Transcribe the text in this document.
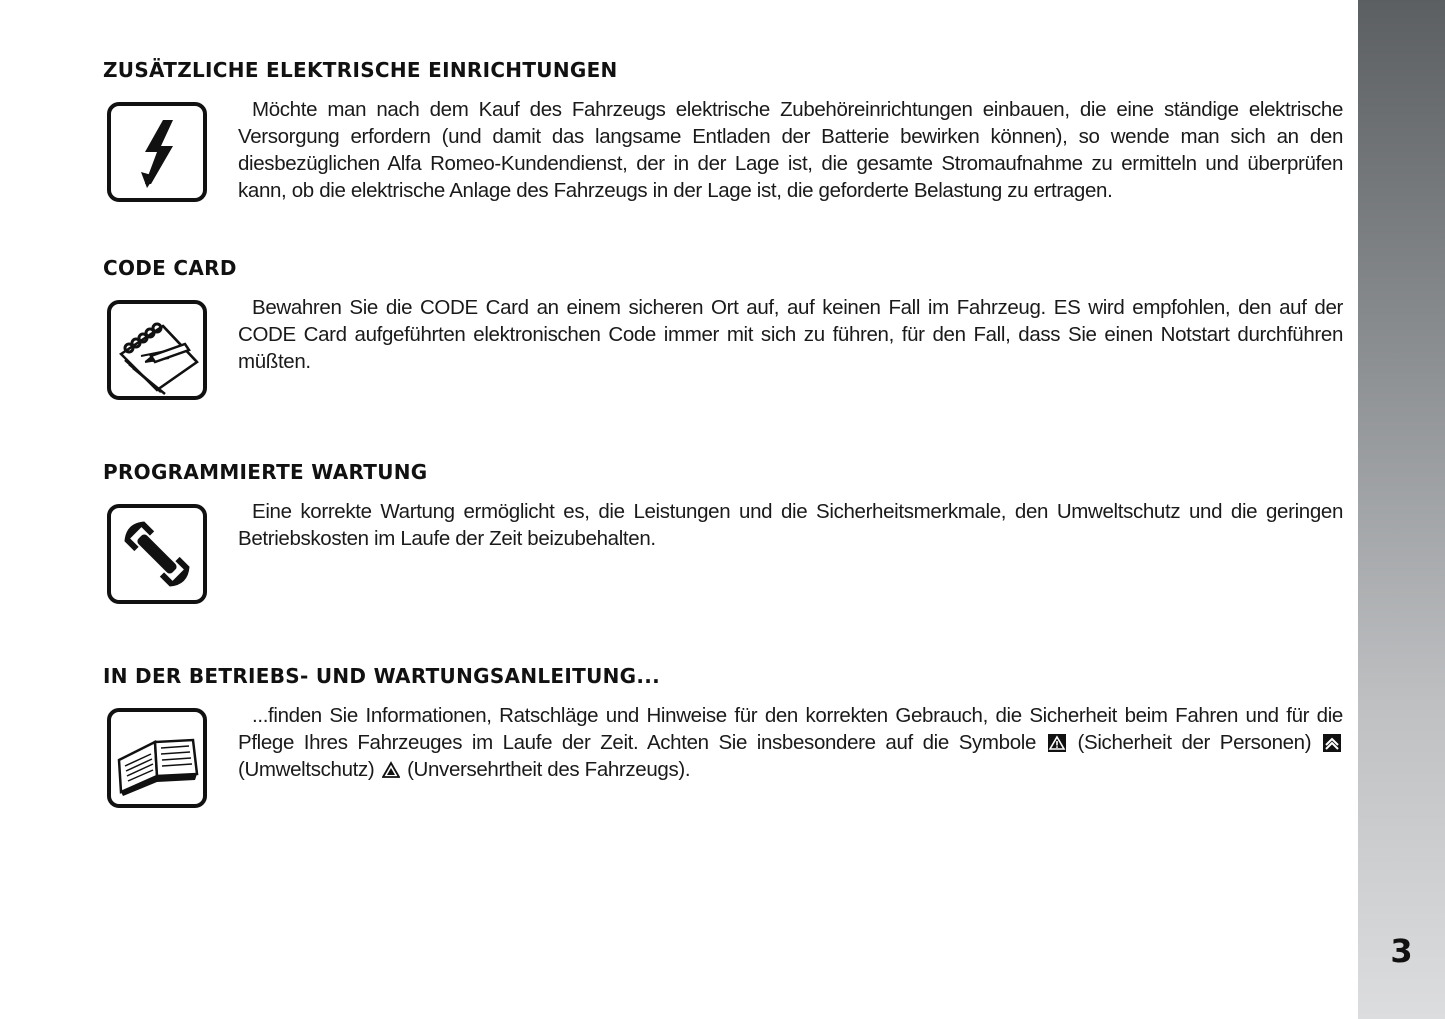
3
ZUSÄTZLICHE ELEKTRISCHE EINRICHTUNGEN

Möchte man nach dem Kauf des Fahrzeugs elektrische Zubehöreinrichtungen einbauen, die eine ständige elektrische Versorgung erfordern (und damit das langsame Entladen der Batterie bewirken können), so wende man sich an den diesbezüglichen Alfa Romeo-Kundendienst, der in der Lage ist, die gesamte Stromaufnahme zu ermitteln und überprüfen kann, ob die elektrische Anlage des Fahrzeugs in der Lage ist, die geforderte Belastung zu ertragen.

CODE CARD

Bewahren Sie die CODE Card an einem sicheren Ort auf, auf keinen Fall im Fahrzeug. ES wird empfohlen, den auf der CODE Card aufgeführten elektronischen Code immer mit sich zu führen, für den Fall, dass Sie einen Notstart durchführen müßten.

PROGRAMMIERTE WARTUNG

Eine korrekte Wartung ermöglicht es, die Leistungen und die Sicherheitsmerkmale, den Umweltschutz und die geringen Betriebskosten im Laufe der Zeit beizubehalten.

IN DER BETRIEBS- UND WARTUNGSANLEITUNG...

...finden Sie Informationen, Ratschläge und Hinweise für den korrekten Gebrauch, die Sicherheit beim Fahren und für die Pflege Ihres Fahrzeuges im Laufe der Zeit. Achten Sie insbesondere auf die Symbole (Sicherheit der Personen)  (Umweltschutz) (Unversehrtheit des Fahrzeugs).
